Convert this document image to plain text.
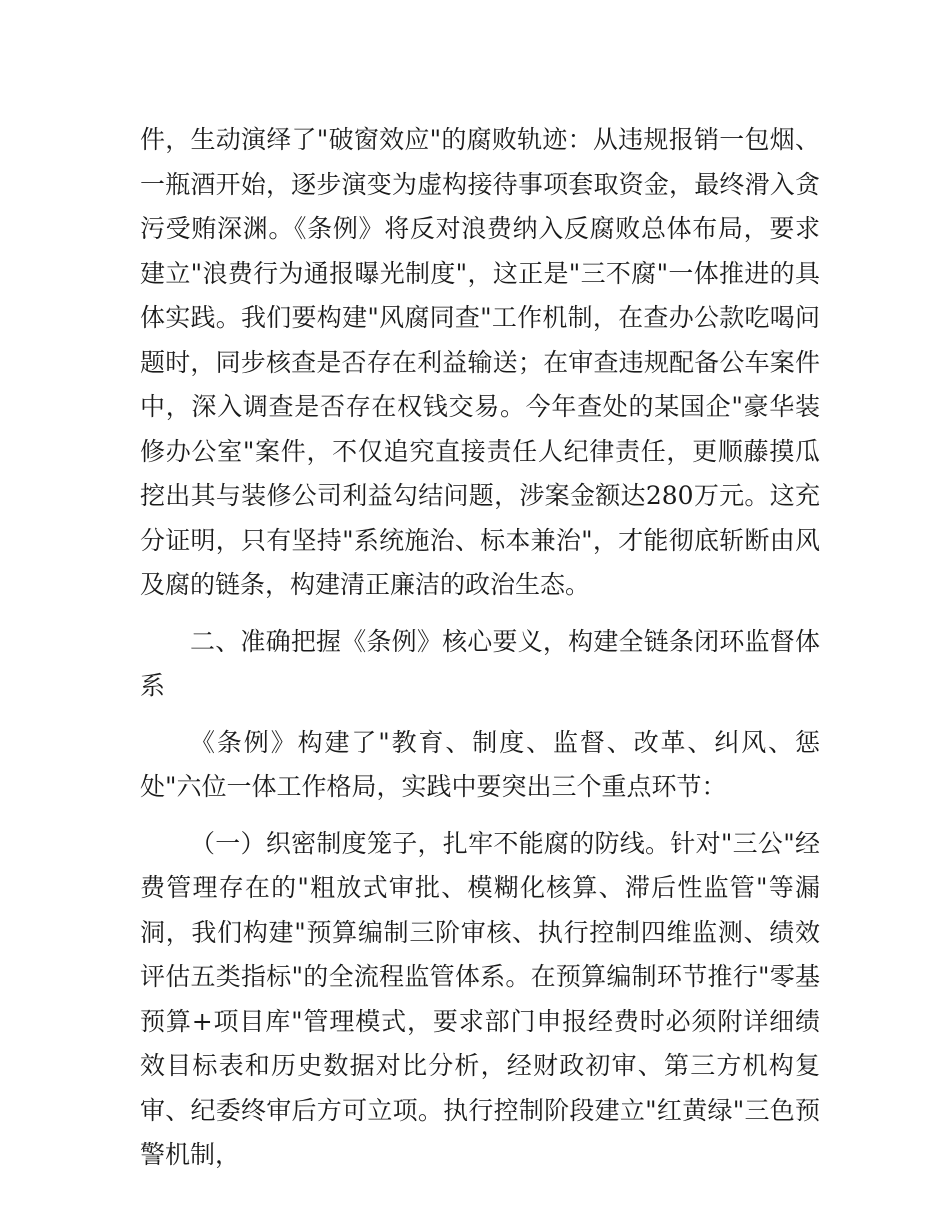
件，生动演绎了"破窗效应"的腐败轨迹：从违规报销一包烟、一瓶酒开始，逐步演变为虚构接待事项套取资金，最终滑入贪污受贿深渊。《条例》将反对浪费纳入反腐败总体布局，要求建立"浪费行为通报曝光制度"，这正是"三不腐"一体推进的具体实践。我们要构建"风腐同查"工作机制，在查办公款吃喝问题时，同步核查是否存在利益输送；在审查违规配备公车案件中，深入调查是否存在权钱交易。今年查处的某国企"豪华装修办公室"案件，不仅追究直接责任人纪律责任，更顺藤摸瓜挖出其与装修公司利益勾结问题，涉案金额达280万元。这充分证明，只有坚持"系统施治、标本兼治"，才能彻底斩断由风及腐的链条，构建清正廉洁的政治生态。

二、准确把握《条例》核心要义，构建全链条闭环监督体系

《条例》构建了"教育、制度、监督、改革、纠风、惩处"六位一体工作格局，实践中要突出三个重点环节：

（一）织密制度笼子，扎牢不能腐的防线。针对"三公"经费管理存在的"粗放式审批、模糊化核算、滞后性监管"等漏洞，我们构建"预算编制三阶审核、执行控制四维监测、绩效评估五类指标"的全流程监管体系。在预算编制环节推行"零基预算+项目库"管理模式，要求部门申报经费时必须附详细绩效目标表和历史数据对比分析，经财政初审、第三方机构复审、纪委终审后方可立项。执行控制阶段建立"红黄绿"三色预警机制，
